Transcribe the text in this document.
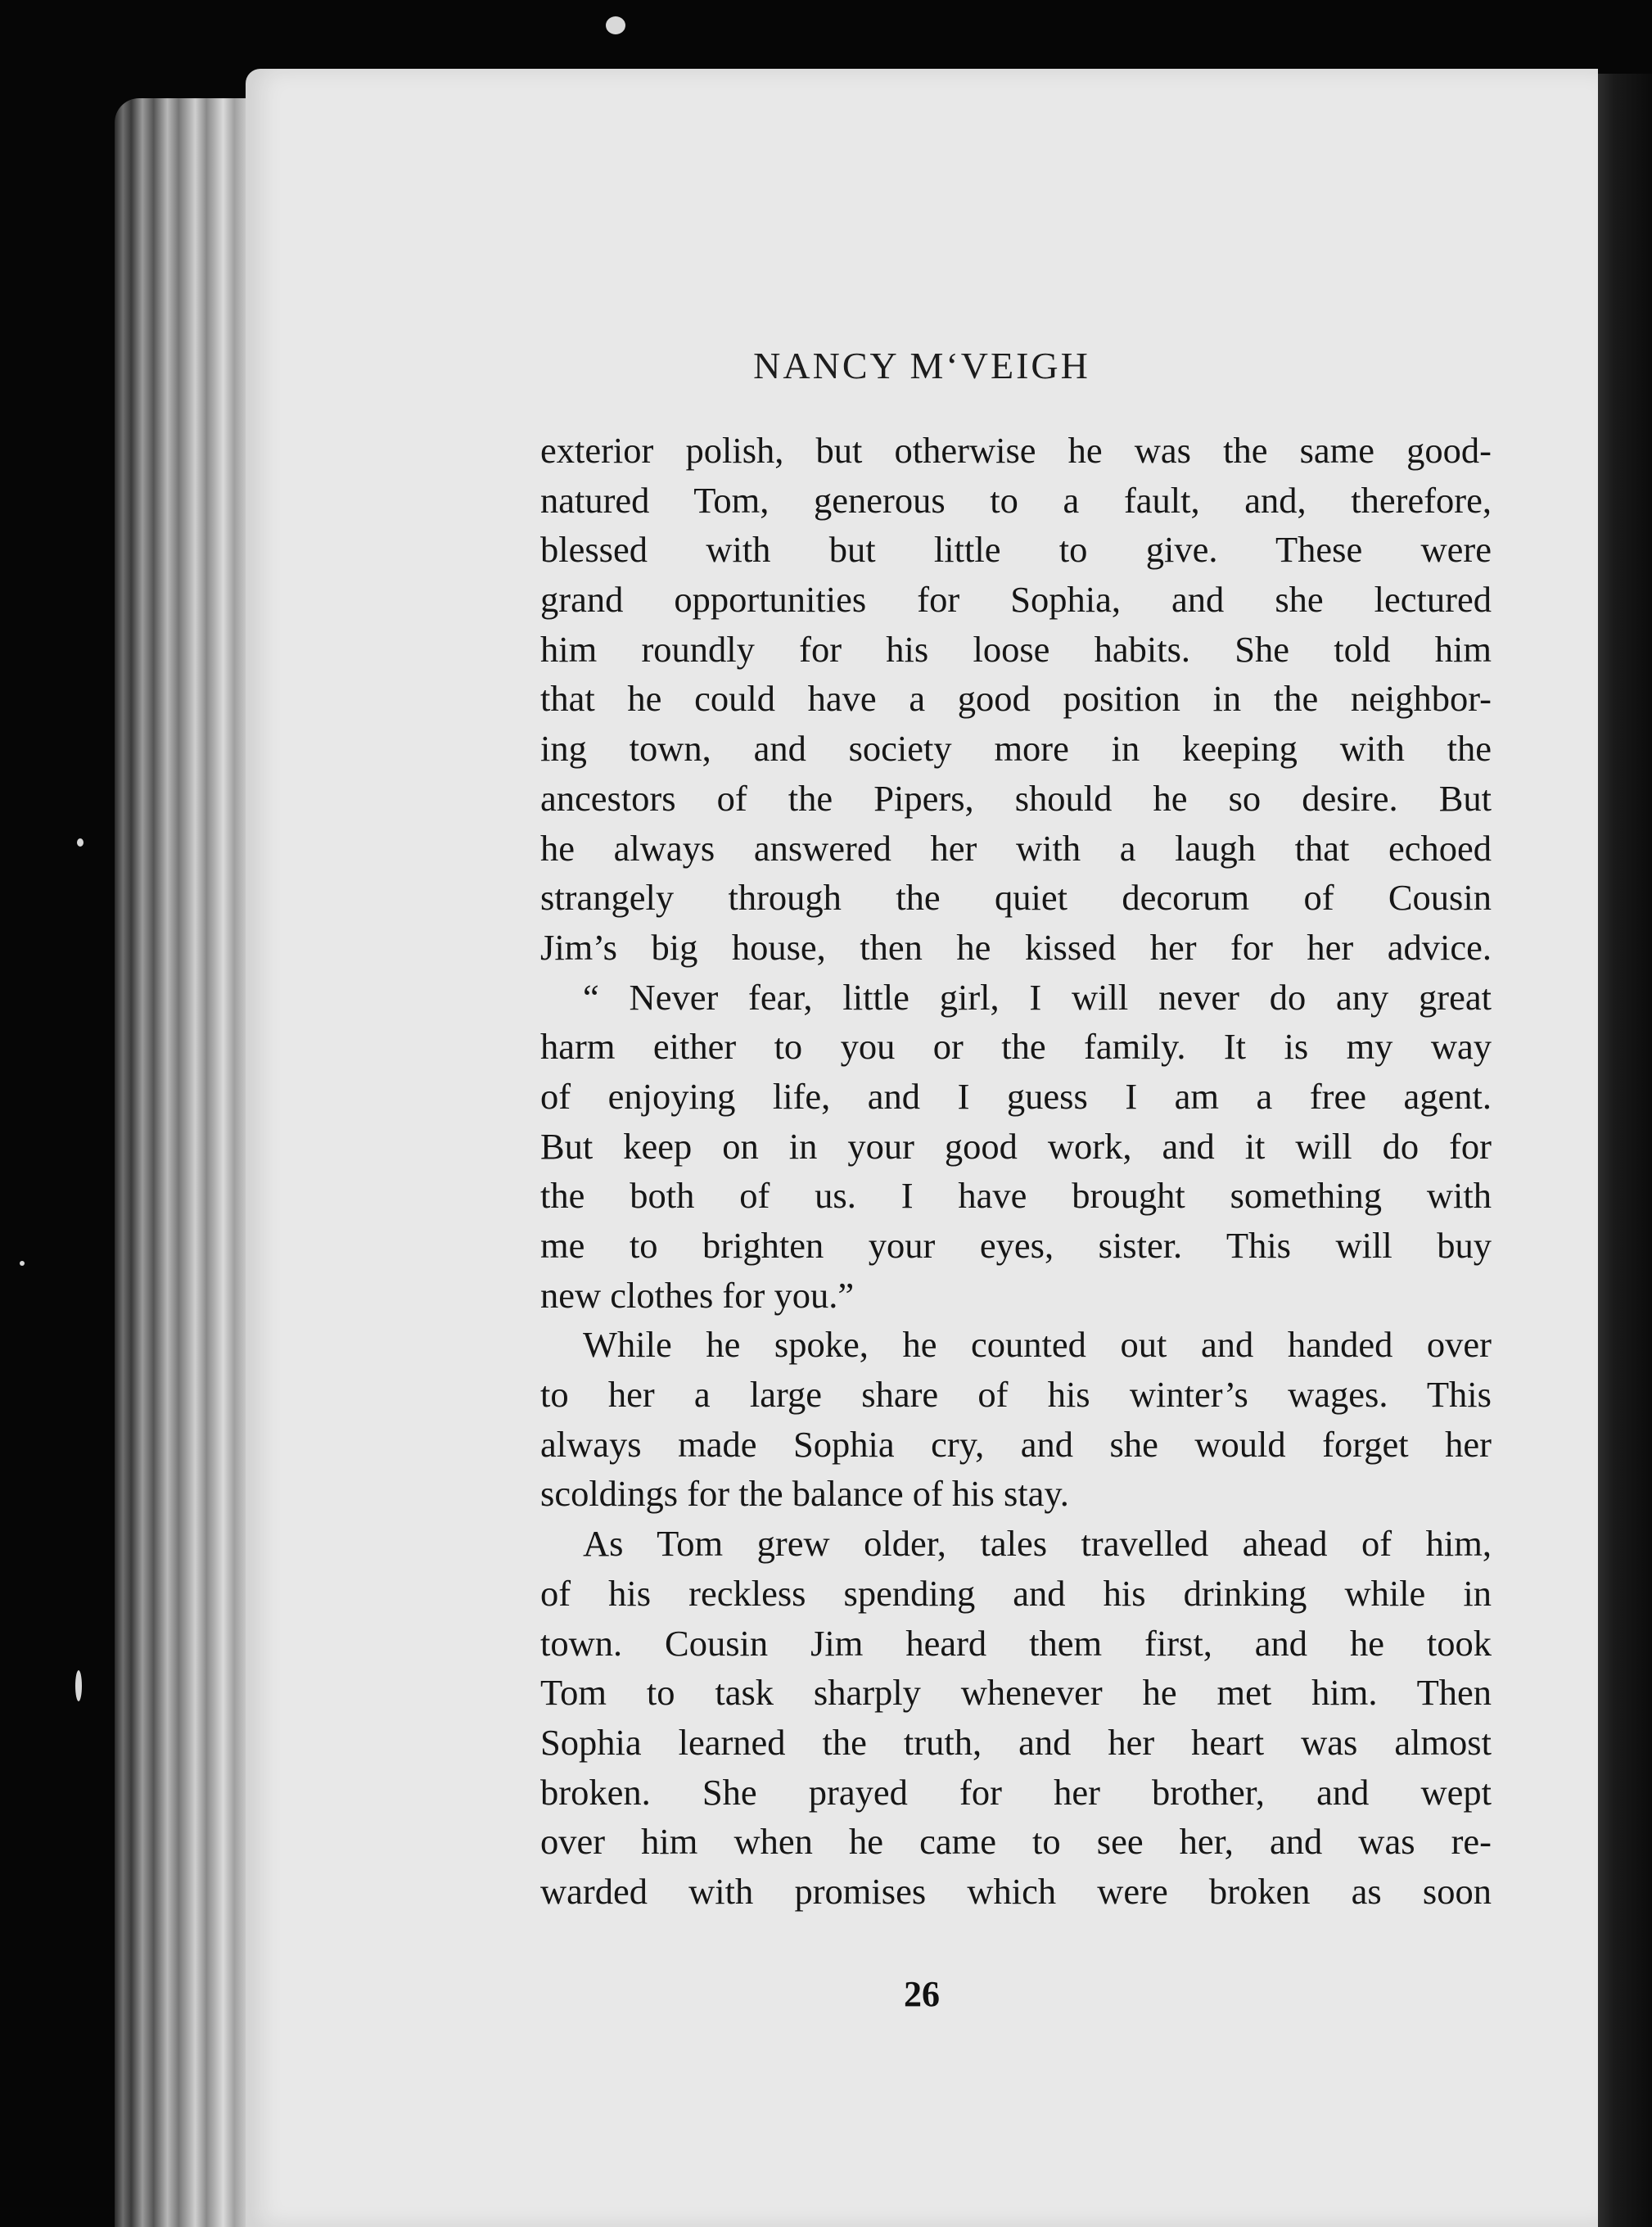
NANCY M‘VEIGH
exterior polish, but otherwise he was the same good-
natured Tom, generous to a fault, and, therefore,
blessed with but little to give. These were
grand opportunities for Sophia, and she lectured
him roundly for his loose habits. She told him
that he could have a good position in the neighbor-
ing town, and society more in keeping with the
ancestors of the Pipers, should he so desire. But
he always answered her with a laugh that echoed
strangely through the quiet decorum of Cousin
Jim’s big house, then he kissed her for her advice.
“ Never fear, little girl, I will never do any great
harm either to you or the family. It is my way
of enjoying life, and I guess I am a free agent.
But keep on in your good work, and it will do for
the both of us. I have brought something with
me to brighten your eyes, sister. This will buy
new clothes for you.”
While he spoke, he counted out and handed over
to her a large share of his winter’s wages. This
always made Sophia cry, and she would forget her
scoldings for the balance of his stay.
As Tom grew older, tales travelled ahead of him,
of his reckless spending and his drinking while in
town. Cousin Jim heard them first, and he took
Tom to task sharply whenever he met him. Then
Sophia learned the truth, and her heart was almost
broken. She prayed for her brother, and wept
over him when he came to see her, and was re-
warded with promises which were broken as soon
26
